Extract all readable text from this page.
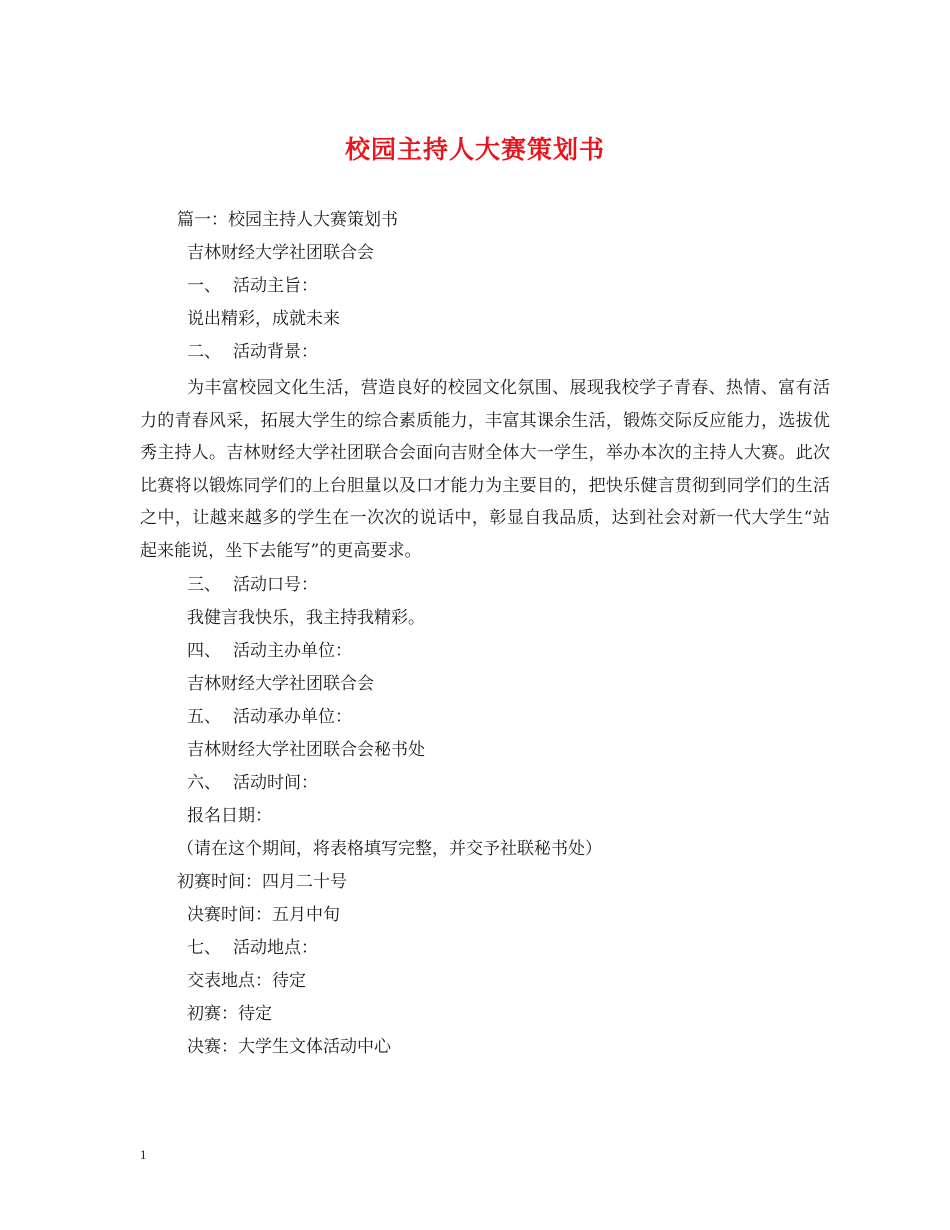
校园主持人大赛策划书
篇一：校园主持人大赛策划书
吉林财经大学社团联合会
一、 活动主旨：
说出精彩，成就未来
二、 活动背景：

为丰富校园文化生活，营造良好的校园文化氛围、展现我校学子青春、热情、富有活力的青春风采，拓展大学生的综合素质能力，丰富其课余生活，锻炼交际反应能力，选拔优秀主持人。吉林财经大学社团联合会面向吉财全体大一学生，举办本次的主持人大赛。此次比赛将以锻炼同学们的上台胆量以及口才能力为主要目的，把快乐健言贯彻到同学们的生活之中，让越来越多的学生在一次次的说话中，彰显自我品质，达到社会对新一代大学生“站起来能说，坐下去能写”的更高要求。

三、 活动口号：
我健言我快乐，我主持我精彩。
四、 活动主办单位：
吉林财经大学社团联合会
五、 活动承办单位：
吉林财经大学社团联合会秘书处
六、 活动时间：
报名日期：
（请在这个期间，将表格填写完整，并交予社联秘书处）
初赛时间：四月二十号
决赛时间：五月中旬
七、 活动地点：
交表地点：待定
初赛：待定
决赛：大学生文体活动中心
1
